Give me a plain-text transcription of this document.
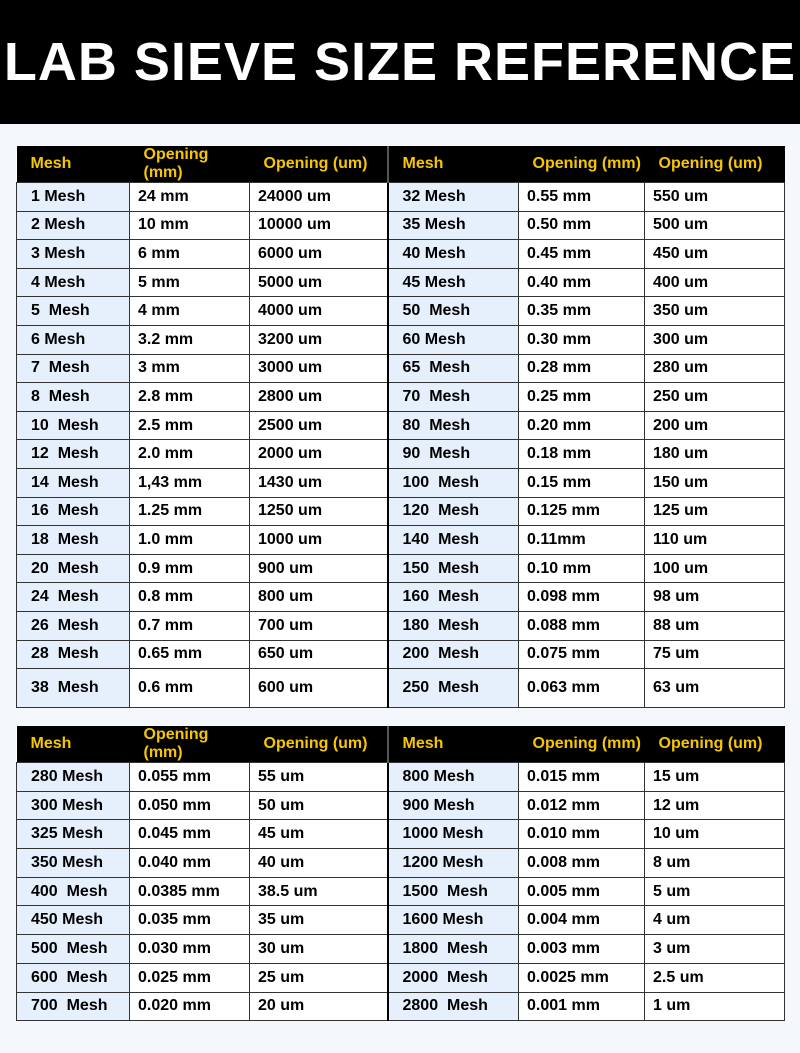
LAB SIEVE SIZE REFERENCE
Mesh	Opening (mm)	Opening (um)	Mesh	Opening (mm)	Opening (um)
1 Mesh	24 mm	24000 um	32 Mesh	0.55 mm	550 um
2 Mesh	10 mm	10000 um	35 Mesh	0.50 mm	500 um
3 Mesh	6 mm	6000 um	40 Mesh	0.45 mm	450 um
4 Mesh	5 mm	5000 um	45 Mesh	0.40 mm	400 um
5  Mesh	4 mm	4000 um	50  Mesh	0.35 mm	350 um
6 Mesh	3.2 mm	3200 um	60 Mesh	0.30 mm	300 um
7  Mesh	3 mm	3000 um	65  Mesh	0.28 mm	280 um
8  Mesh	2.8 mm	2800 um	70  Mesh	0.25 mm	250 um
10  Mesh	2.5 mm	2500 um	80  Mesh	0.20 mm	200 um
12  Mesh	2.0 mm	2000 um	90  Mesh	0.18 mm	180 um
14  Mesh	1,43 mm	1430 um	100  Mesh	0.15 mm	150 um
16  Mesh	1.25 mm	1250 um	120  Mesh	0.125 mm	125 um
18  Mesh	1.0 mm	1000 um	140  Mesh	0.11mm	110 um
20  Mesh	0.9 mm	900 um	150  Mesh	0.10 mm	100 um
24  Mesh	0.8 mm	800 um	160  Mesh	0.098 mm	98 um
26  Mesh	0.7 mm	700 um	180  Mesh	0.088 mm	88 um
28  Mesh	0.65 mm	650 um	200  Mesh	0.075 mm	75 um
38  Mesh	0.6 mm	600 um	250  Mesh	0.063 mm	63 um
Mesh	Opening (mm)	Opening (um)	Mesh	Opening (mm)	Opening (um)
280 Mesh	0.055 mm	55 um	800 Mesh	0.015 mm	15 um
300 Mesh	0.050 mm	50 um	900 Mesh	0.012 mm	12 um
325 Mesh	0.045 mm	45 um	1000 Mesh	0.010 mm	10 um
350 Mesh	0.040 mm	40 um	1200 Mesh	0.008 mm	8 um
400  Mesh	0.0385 mm	38.5 um	1500  Mesh	0.005 mm	5 um
450 Mesh	0.035 mm	35 um	1600 Mesh	0.004 mm	4 um
500  Mesh	0.030 mm	30 um	1800  Mesh	0.003 mm	3 um
600  Mesh	0.025 mm	25 um	2000  Mesh	0.0025 mm	2.5 um
700  Mesh	0.020 mm	20 um	2800  Mesh	0.001 mm	1 um
